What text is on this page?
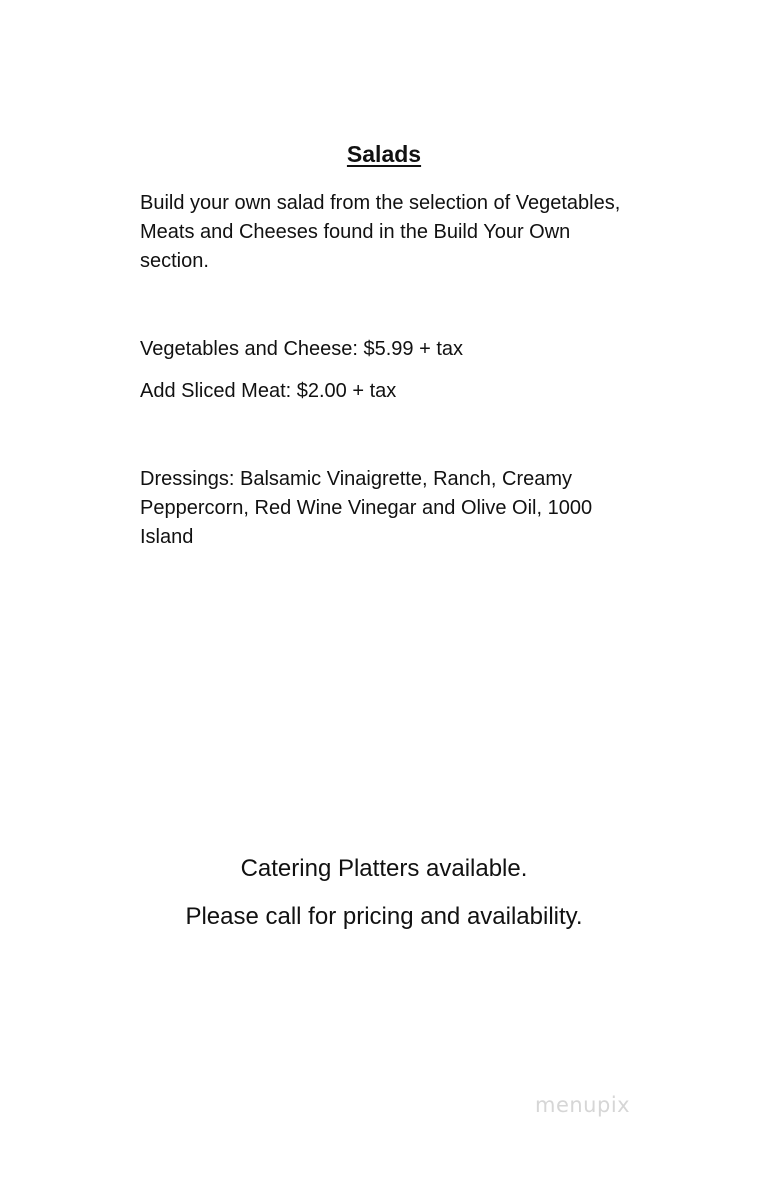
Salads
Build your own salad from the selection of Vegetables, Meats and Cheeses found in the Build Your Own section.
Vegetables and Cheese: $5.99 + tax
Add Sliced Meat: $2.00 + tax
Dressings: Balsamic Vinaigrette, Ranch, Creamy Peppercorn, Red Wine Vinegar and Olive Oil, 1000 Island
Catering Platters available.
Please call for pricing and availability.
menupix
